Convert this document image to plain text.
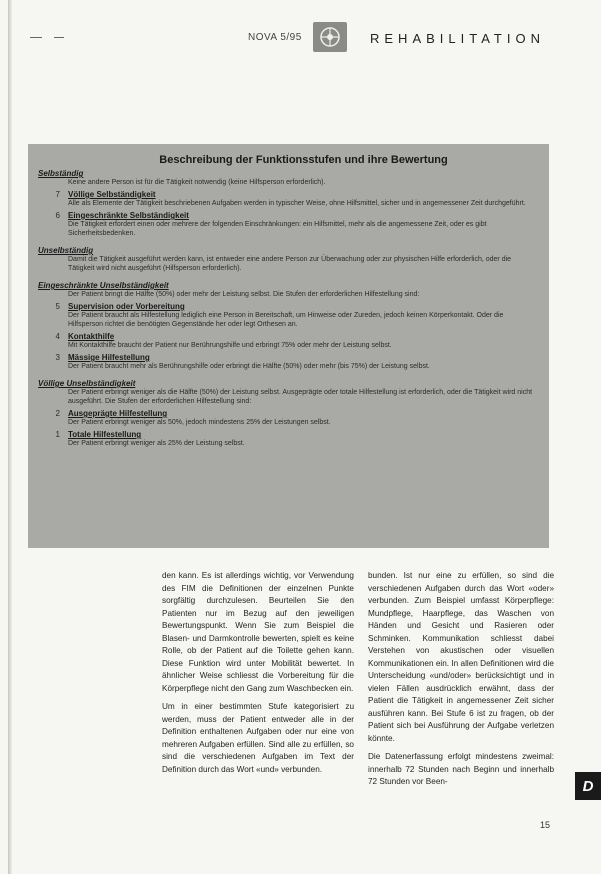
NOVA 5/95	REHABILITATION
Beschreibung der Funktionsstufen und ihre Bewertung
Selbständig
Keine andere Person ist für die Tätigkeit notwendig (keine Hilfsperson erforderlich).
7	Völlige Selbständigkeit
Alle als Elemente der Tätigkeit beschriebenen Aufgaben werden in typischer Weise, ohne Hilfsmittel, sicher und in angemessener Zeit durchgeführt.
6	Eingeschränkte Selbständigkeit
Die Tätigkeit erfordert einen oder mehrere der folgenden Einschränkungen: ein Hilfsmittel, mehr als die angemessene Zeit, oder es gibt Sicherheitsbedenken.
Unselbständig
Damit die Tätigkeit ausgeführt werden kann, ist entweder eine andere Person zur Überwachung oder zur physischen Hilfe erforderlich, oder die Tätigkeit wird nicht ausgeführt (Hilfsperson erforderlich).
Eingeschränkte Unselbständigkeit
Der Patient bringt die Hälfte (50%) oder mehr der Leistung selbst. Die Stufen der erforderlichen Hilfestellung sind:
5	Supervision oder Vorbereitung
Der Patient braucht als Hilfestellung lediglich eine Person in Bereitschaft, um Hinweise oder Zureden, jedoch keinen Körperkontakt. Oder die Hilfsperson richtet die benötigten Gegenstände her oder legt Orthesen an.
4	Kontakthilfe
Mit Kontakthilfe braucht der Patient nur Berührungshilfe und erbringt 75% oder mehr der Leistung selbst.
3	Mässige Hilfestellung
Der Patient braucht mehr als Berührungshilfe oder erbringt die Hälfte (50%) oder mehr (bis 75%) der Leistung selbst.
Völlige Unselbständigkeit
Der Patient erbringt weniger als die Hälfte (50%) der Leistung selbst. Ausgeprägte oder totale Hilfestellung ist erforderlich, oder die Tätigkeit wird nicht ausgeführt. Die Stufen der erforderlichen Hilfestellung sind:
2	Ausgeprägte Hilfestellung
Der Patient erbringt weniger als 50%, jedoch mindestens 25% der Leistungen selbst.
1	Totale Hilfestellung
Der Patient erbringt weniger als 25% der Leistung selbst.

den kann. Es ist allerdings wichtig, vor Verwendung des FIM die Definitionen der einzelnen Punkte sorgfältig durchzulesen. Beurteilen Sie den Patienten nur im Bezug auf den jeweiligen Bewertungspunkt. Wenn Sie zum Beispiel die Blasen- und Darmkontrolle bewerten, spielt es keine Rolle, ob der Patient auf die Toilette gehen kann. Diese Funktion wird unter Mobilität bewertet. In ähnlicher Weise schliesst die Vorbereitung für die Körperpflege nicht den Gang zum Waschbecken ein.

Um in einer bestimmten Stufe kategorisiert zu werden, muss der Patient entweder alle in der Definition enthaltenen Aufgaben oder nur eine von mehreren Aufgaben erfüllen. Sind alle zu erfüllen, so sind die verschiedenen Aufgaben im Text der Definition durch das Wort «und» verbunden.

bunden. Ist nur eine zu erfüllen, so sind die verschiedenen Aufgaben durch das Wort «oder» verbunden. Zum Beispiel umfasst Körperpflege: Mundpflege, Haarpflege, das Waschen von Händen und Gesicht und Rasieren oder Schminken. Kommunikation schliesst dabei Verstehen von akustischen oder visuellen Kommunikationen ein. In allen Definitionen wird die Unterscheidung «und/oder» berücksichtigt und in vielen Fällen ausdrücklich erwähnt, dass der Patient die Tätigkeit in angemessener Zeit sicher ausführen kann. Bei Stufe 6 ist zu fragen, ob der Patient sich bei Ausführung der Aufgabe verletzen könnte.

Die Datenerfassung erfolgt mindestens zweimal: innerhalb 72 Stunden nach Beginn und innerhalb 72 Stunden vor Been-	D
15
